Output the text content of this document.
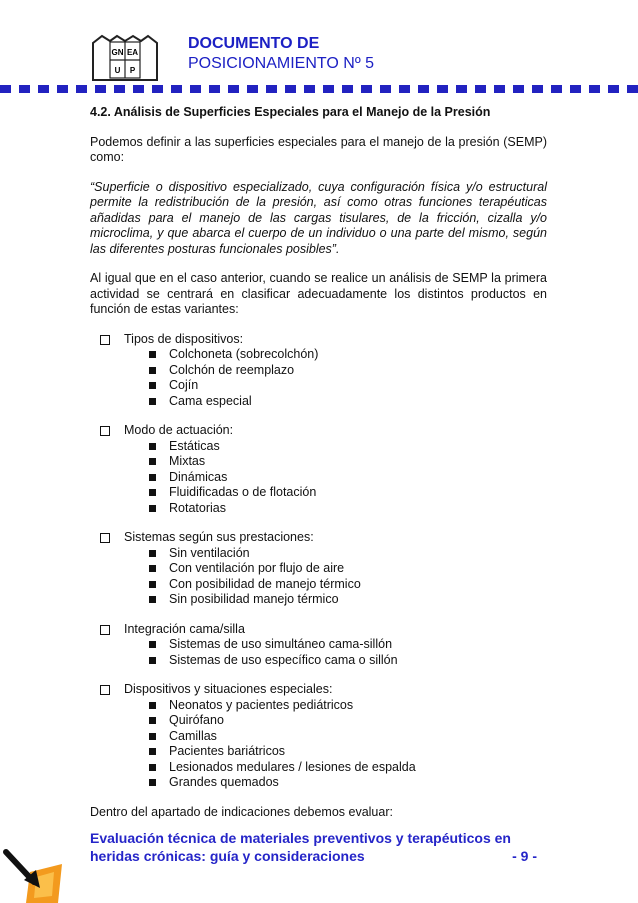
GN EA
U P
DOCUMENTO DE
POSICIONAMIENTO Nº 5
4.2. Análisis de Superficies Especiales para el Manejo de la Presión
Podemos definir a las superficies especiales para el manejo de la presión (SEMP) como:
“Superficie o dispositivo especializado, cuya configuración física y/o estructural permite la redistribución de la presión, así como otras funciones terapéuticas añadidas para el manejo de las cargas tisulares, de la fricción, cizalla y/o microclima, y que abarca el cuerpo de un individuo o una parte del mismo, según las diferentes posturas funcionales posibles”.
Al igual que en el caso anterior, cuando se realice un análisis de SEMP la primera actividad se centrará en clasificar adecuadamente los distintos productos en función de estas variantes:
Tipos de dispositivos:
Colchoneta (sobrecolchón)
Colchón de reemplazo
Cojín
Cama especial
Modo de actuación:
Estáticas
Mixtas
Dinámicas
Fluidificadas o de flotación
Rotatorias
Sistemas según sus prestaciones:
Sin ventilación
Con ventilación por flujo de aire
Con posibilidad de manejo térmico
Sin posibilidad manejo térmico
Integración cama/silla
Sistemas de uso simultáneo cama-sillón
Sistemas de uso específico cama o sillón
Dispositivos y situaciones especiales:
Neonatos y pacientes pediátricos
Quirófano
Camillas
Pacientes bariátricos
Lesionados medulares / lesiones de espalda
Grandes quemados
Dentro del apartado de indicaciones debemos evaluar:
Evaluación técnica de materiales preventivos y terapéuticos en
heridas crónicas: guía y consideraciones	- 9 -
